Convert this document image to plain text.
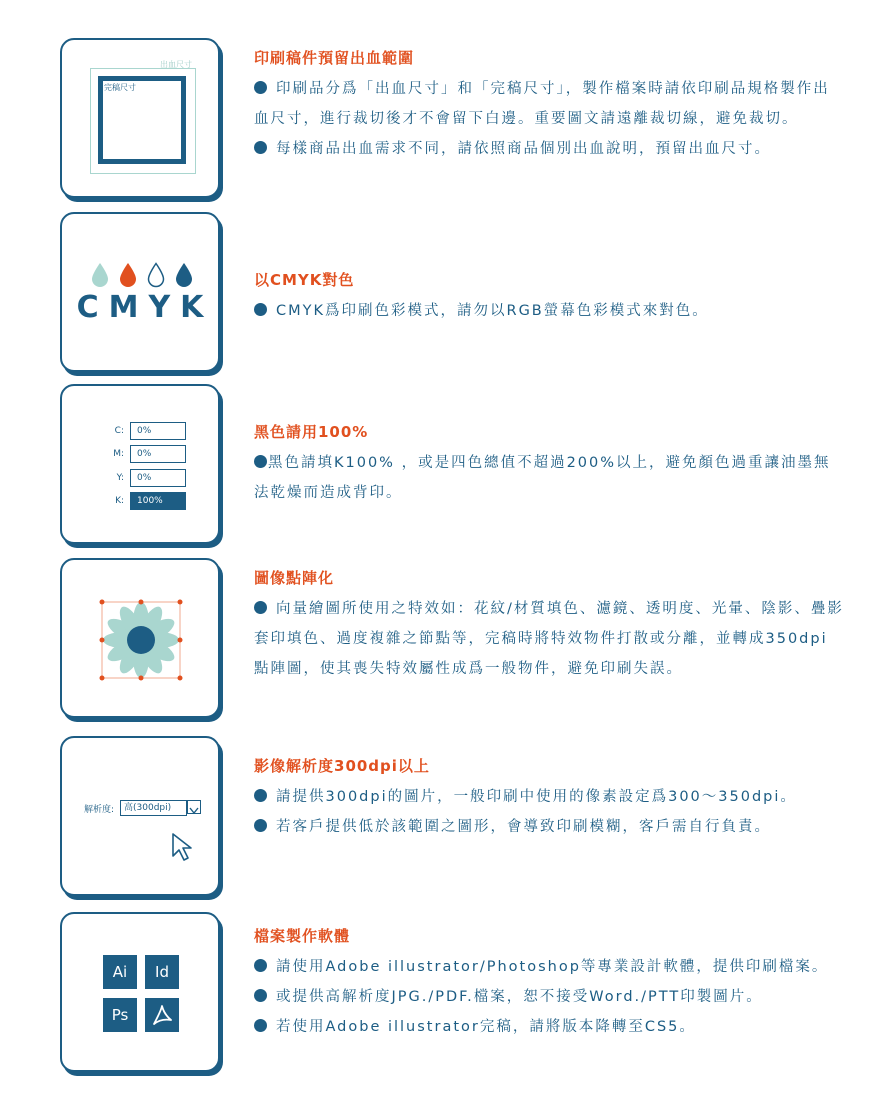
出血尺寸
完稿尺寸
CMYK
C:	0%
M:	0%
Y:	0%
K:	100%
解析度:	高(300dpi)
Ai	Id
Ps
印刷稿件預留出血範圍

印刷品分爲「出血尺寸」和「完稿尺寸」，製作檔案時請依印刷品規格製作出血尺寸，進行裁切後才不會留下白邊。重要圖文請遠離裁切線，避免裁切。

每樣商品出血需求不同，請依照商品個別出血說明，預留出血尺寸。

以CMYK對色

CMYK爲印刷色彩模式，請勿以RGB螢幕色彩模式來對色。

黑色請用100%

黑色請填K100% ，或是四色總值不超過200%以上，避免顏色過重讓油墨無法乾燥而造成背印。

圖像點陣化

向量繪圖所使用之特效如：花紋/材質填色、濾鏡、透明度、光暈、陰影、疊影套印填色、過度複雜之節點等，完稿時將特效物件打散或分離，並轉成350dpi點陣圖，使其喪失特效屬性成爲一般物件，避免印刷失誤。

影像解析度300dpi以上

請提供300dpi的圖片，一般印刷中使用的像素設定爲300～350dpi。

若客戶提供低於該範圍之圖形，會導致印刷模糊，客戶需自行負責。

檔案製作軟體

請使用Adobe illustrator/Photoshop等專業設計軟體，提供印刷檔案。

或提供高解析度JPG./PDF.檔案，恕不接受Word./PTT印製圖片。

若使用Adobe illustrator完稿，請將版本降轉至CS5。
